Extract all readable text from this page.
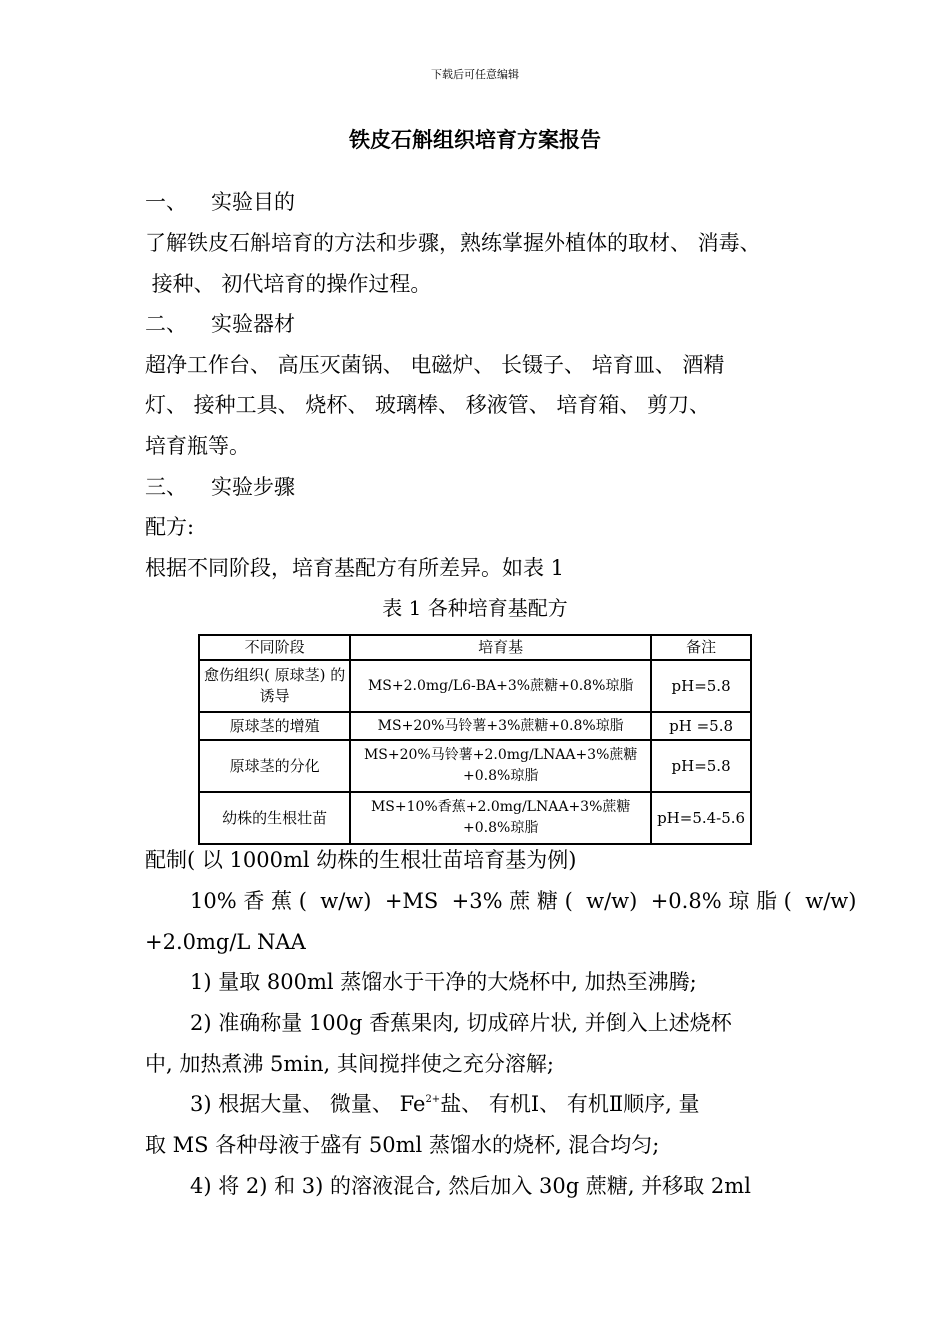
下载后可任意编辑
铁皮石斛组织培育方案报告
一、 实验目的
了解铁皮石斛培育的方法和步骤，熟练掌握外植体的取材、 消毒、
接种、 初代培育的操作过程。
二、 实验器材
超净工作台、 高压灭菌锅、 电磁炉、 长镊子、 培育皿、 酒精
灯、 接种工具、 烧杯、 玻璃棒、 移液管、 培育箱、 剪刀、
培育瓶等。
三、 实验步骤
配方:
根据不同阶段，培育基配方有所差异。如表 1
表 1 各种培育基配方
不同阶段	培育基	备注
愈伤组织( 原球茎) 的诱导	MS+2.0mg/L6-BA+3%蔗糖+0.8%琼脂	pH=5.8
原球茎的增殖	MS+20%马铃薯+3%蔗糖+0.8%琼脂	pH =5.8
原球茎的分化	MS+20%马铃薯+2.0mg/LNAA+3%蔗糖+0.8%琼脂	pH=5.8
幼株的生根壮苗	MS+10%香蕉+2.0mg/LNAA+3%蔗糖+0.8%琼脂	pH=5.4-5.6
配制( 以 1000ml 幼株的生根壮苗培育基为例)
10% 香 蕉 (  w/w)  +MS  +3% 蔗 糖 (  w/w)  +0.8% 琼 脂 (  w/w)
+2.0mg/L NAA
1) 量取 800ml 蒸馏水于干净的大烧杯中, 加热至沸腾;
2) 准确称量 100g 香蕉果肉, 切成碎片状, 并倒入上述烧杯
中, 加热煮沸 5min, 其间搅拌使之充分溶解;
3) 根据大量、 微量、 $Fe^{2+}$盐、 有机Ⅰ、 有机Ⅱ顺序, 量
取 MS 各种母液于盛有 50ml 蒸馏水的烧杯, 混合均匀;
4) 将 2) 和 3) 的溶液混合, 然后加入 30g 蔗糖, 并移取 2ml
